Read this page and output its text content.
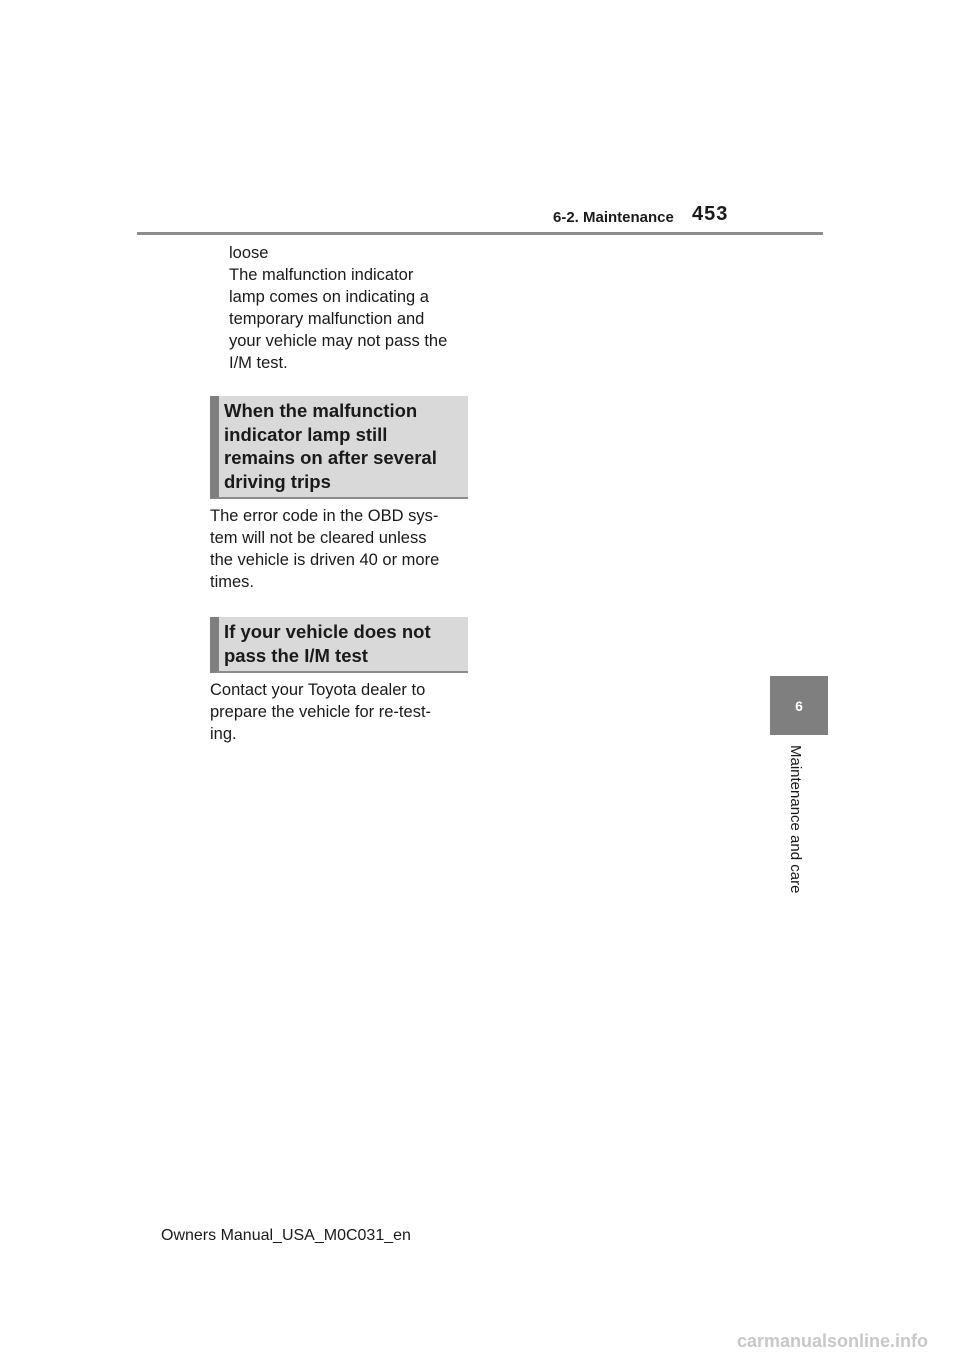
6-2. Maintenance 453
6
Maintenance and care
loose
The malfunction indicator
lamp comes on indicating a
temporary malfunction and
your vehicle may not pass the
I/M test.
When the malfunction
indicator lamp still
remains on after several
driving trips
The error code in the OBD sys-
tem will not be cleared unless
the vehicle is driven 40 or more
times.
If your vehicle does not
pass the I/M test
Contact your Toyota dealer to
prepare the vehicle for re-test-
ing.
Owners Manual_USA_M0C031_en
carmanualsonline.info
